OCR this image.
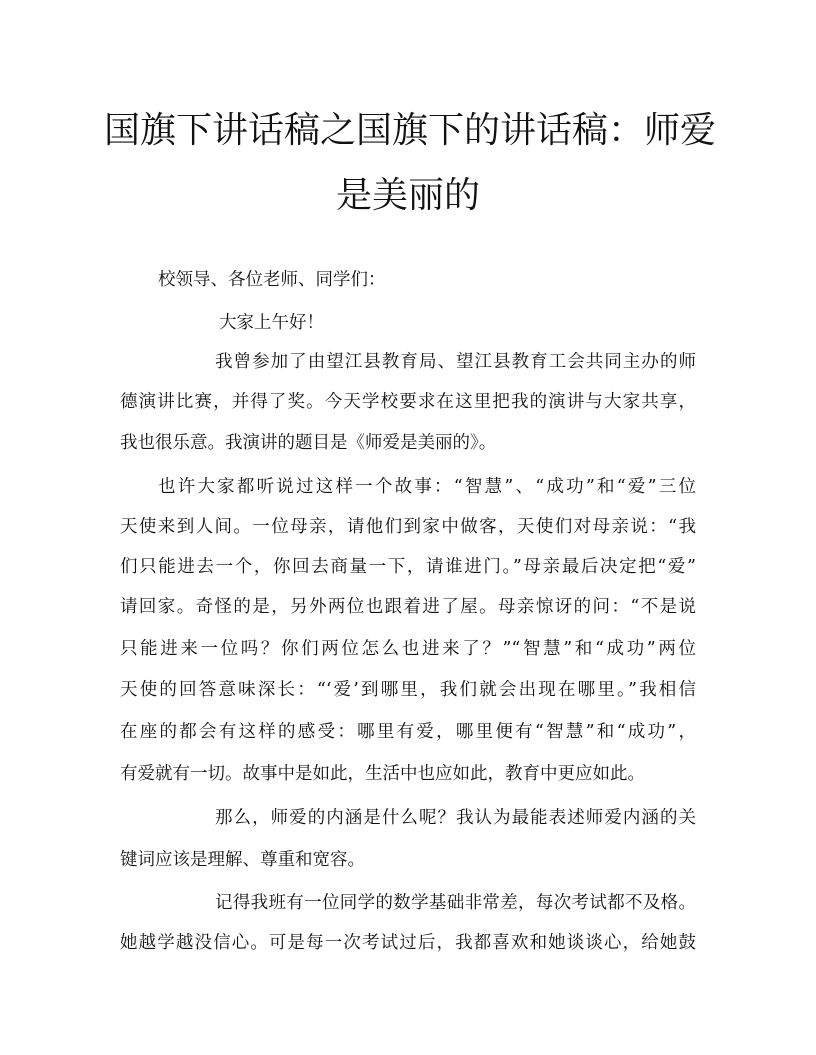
国旗下讲话稿之国旗下的讲话稿：师爱
是美丽的

校领导、各位老师、同学们：

大家上午好！

我曾参加了由望江县教育局、望江县教育工会共同主办的师

德演讲比赛，并得了奖。今天学校要求在这里把我的演讲与大家共享，

我也很乐意。我演讲的题目是《师爱是美丽的》。

也许大家都听说过这样一个故事：“智慧”、“成功”和“爱”三位

天使来到人间。一位母亲，请他们到家中做客，天使们对母亲说：“我

们只能进去一个，你回去商量一下，请谁进门。”母亲最后决定把“爱”

请回家。奇怪的是，另外两位也跟着进了屋。母亲惊讶的问：“不是说

只能进来一位吗？你们两位怎么也进来了？”“智慧”和“成功”两位

天使的回答意味深长：“‘爱’到哪里，我们就会出现在哪里。”我相信

在座的都会有这样的感受：哪里有爱，哪里便有“智慧”和“成功”，

有爱就有一切。故事中是如此，生活中也应如此，教育中更应如此。

那么，师爱的内涵是什么呢？我认为最能表述师爱内涵的关

键词应该是理解、尊重和宽容。

记得我班有一位同学的数学基础非常差，每次考试都不及格。

她越学越没信心。可是每一次考试过后，我都喜欢和她谈谈心，给她鼓
